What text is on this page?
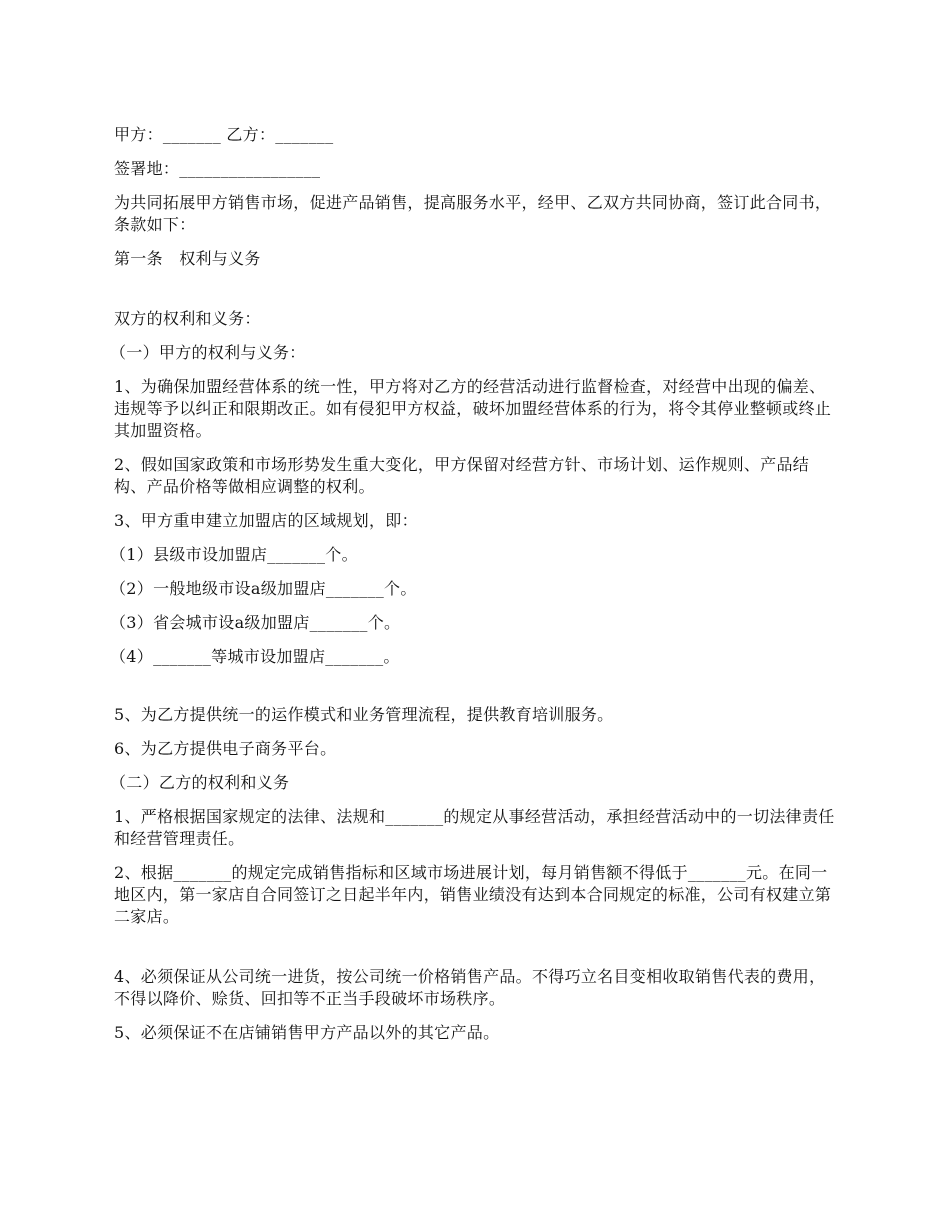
甲方：_______ 乙方：_______

签署地：_________________

为共同拓展甲方销售市场，促进产品销售，提高服务水平，经甲、乙双方共同协商，签订此合同书，条款如下：

第一条　权利与义务

双方的权利和义务：

（一）甲方的权利与义务：

1、为确保加盟经营体系的统一性，甲方将对乙方的经营活动进行监督检查，对经营中出现的偏差、违规等予以纠正和限期改正。如有侵犯甲方权益，破坏加盟经营体系的行为，将令其停业整顿或终止其加盟资格。

2、假如国家政策和市场形势发生重大变化，甲方保留对经营方针、市场计划、运作规则、产品结构、产品价格等做相应调整的权利。

3、甲方重申建立加盟店的区域规划，即：

（1）县级市设加盟店_______个。

（2）一般地级市设a级加盟店_______个。

（3）省会城市设a级加盟店_______个。

（4）_______等城市设加盟店_______。

5、为乙方提供统一的运作模式和业务管理流程，提供教育培训服务。

6、为乙方提供电子商务平台。

（二）乙方的权利和义务

1、严格根据国家规定的法律、法规和_______的规定从事经营活动，承担经营活动中的一切法律责任和经营管理责任。

2、根据_______的规定完成销售指标和区域市场进展计划，每月销售额不得低于_______元。在同一地区内，第一家店自合同签订之日起半年内，销售业绩没有达到本合同规定的标准，公司有权建立第二家店。

4、必须保证从公司统一进货，按公司统一价格销售产品。不得巧立名目变相收取销售代表的费用，不得以降价、赊货、回扣等不正当手段破坏市场秩序。

5、必须保证不在店铺销售甲方产品以外的其它产品。
